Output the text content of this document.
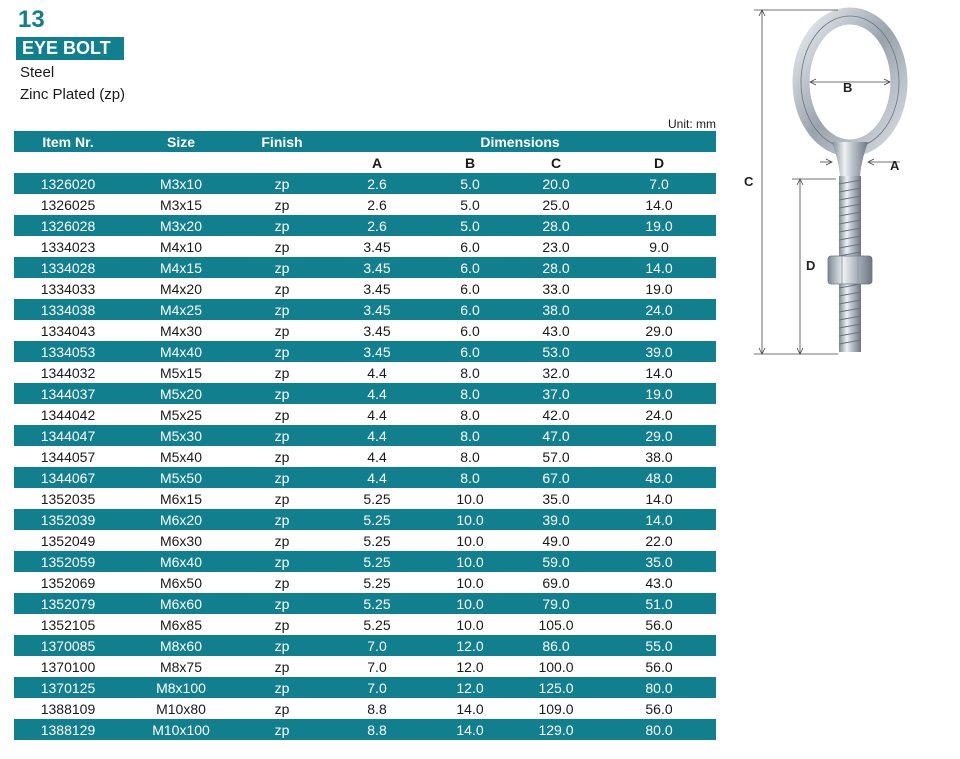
13
EYE BOLT
Steel
Zinc Plated (zp)
Unit: mm
Item Nr.	Size	Finish	Dimensions			
			A	B	C	D
1326020	M3x10	zp	2.6	5.0	20.0	7.0
1326025	M3x15	zp	2.6	5.0	25.0	14.0
1326028	M3x20	zp	2.6	5.0	28.0	19.0
1334023	M4x10	zp	3.45	6.0	23.0	9.0
1334028	M4x15	zp	3.45	6.0	28.0	14.0
1334033	M4x20	zp	3.45	6.0	33.0	19.0
1334038	M4x25	zp	3.45	6.0	38.0	24.0
1334043	M4x30	zp	3.45	6.0	43.0	29.0
1334053	M4x40	zp	3.45	6.0	53.0	39.0
1344032	M5x15	zp	4.4	8.0	32.0	14.0
1344037	M5x20	zp	4.4	8.0	37.0	19.0
1344042	M5x25	zp	4.4	8.0	42.0	24.0
1344047	M5x30	zp	4.4	8.0	47.0	29.0
1344057	M5x40	zp	4.4	8.0	57.0	38.0
1344067	M5x50	zp	4.4	8.0	67.0	48.0
1352035	M6x15	zp	5.25	10.0	35.0	14.0
1352039	M6x20	zp	5.25	10.0	39.0	14.0
1352049	M6x30	zp	5.25	10.0	49.0	22.0
1352059	M6x40	zp	5.25	10.0	59.0	35.0
1352069	M6x50	zp	5.25	10.0	69.0	43.0
1352079	M6x60	zp	5.25	10.0	79.0	51.0
1352105	M6x85	zp	5.25	10.0	105.0	56.0
1370085	M8x60	zp	7.0	12.0	86.0	55.0
1370100	M8x75	zp	7.0	12.0	100.0	56.0
1370125	M8x100	zp	7.0	12.0	125.0	80.0
1388109	M10x80	zp	8.8	14.0	109.0	56.0
1388129	M10x100	zp	8.8	14.0	129.0	80.0
C
D
B
A
